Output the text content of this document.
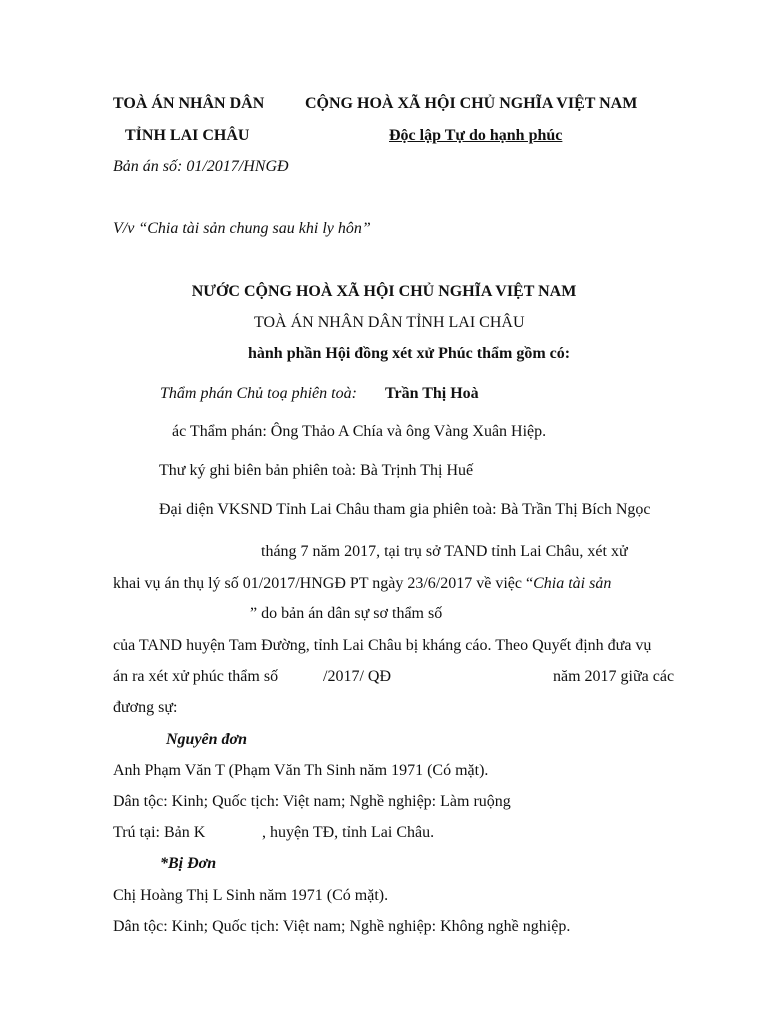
TOÀ ÁN NHÂN DÂN	CỘNG HOÀ XÃ HỘI CHỦ NGHĨA VIỆT NAM
TỈNH LAI CHÂU	Độc lập Tự do hạnh phúc
Bản án số: 01/2017/HNGĐ
V/v “Chia tài sản chung sau khi ly hôn”
NƯỚC CỘNG HOÀ XÃ HỘI CHỦ NGHĨA VIỆT NAM
TOÀ ÁN NHÂN DÂN TỈNH LAI CHÂU
hành phần Hội đồng xét xử Phúc thẩm gồm có:
Thẩm phán Chủ toạ phiên toà: Trần Thị Hoà
ác Thẩm phán: Ông Thảo A Chía và ông Vàng Xuân Hiệp.
Thư ký ghi biên bản phiên toà: Bà Trịnh Thị Huế
Đại diện VKSND Tỉnh Lai Châu tham gia phiên toà: Bà Trần Thị Bích Ngọc
tháng 7 năm 2017, tại trụ sở TAND tỉnh Lai Châu, xét xử
khai vụ án thụ lý số 01/2017/HNGĐ PT ngày 23/6/2017 về việc “Chia tài sản
” do bản án dân sự sơ thẩm số
của TAND huyện Tam Đường, tỉnh Lai Châu bị kháng cáo. Theo Quyết định đưa vụ
án ra xét xử phúc thẩm số	/2017/ QĐ	năm 2017 giữa các
đương sự:
Nguyên đơn
Anh Phạm Văn T (Phạm Văn Th Sinh năm 1971 (Có mặt).
Dân tộc: Kinh; Quốc tịch: Việt nam; Nghề nghiệp: Làm ruộng
Trú tại: Bản K	, huyện TĐ, tỉnh Lai Châu.
*Bị Đơn
Chị Hoàng Thị L Sinh năm 1971 (Có mặt).
Dân tộc: Kinh; Quốc tịch: Việt nam; Nghề nghiệp: Không nghề nghiệp.
